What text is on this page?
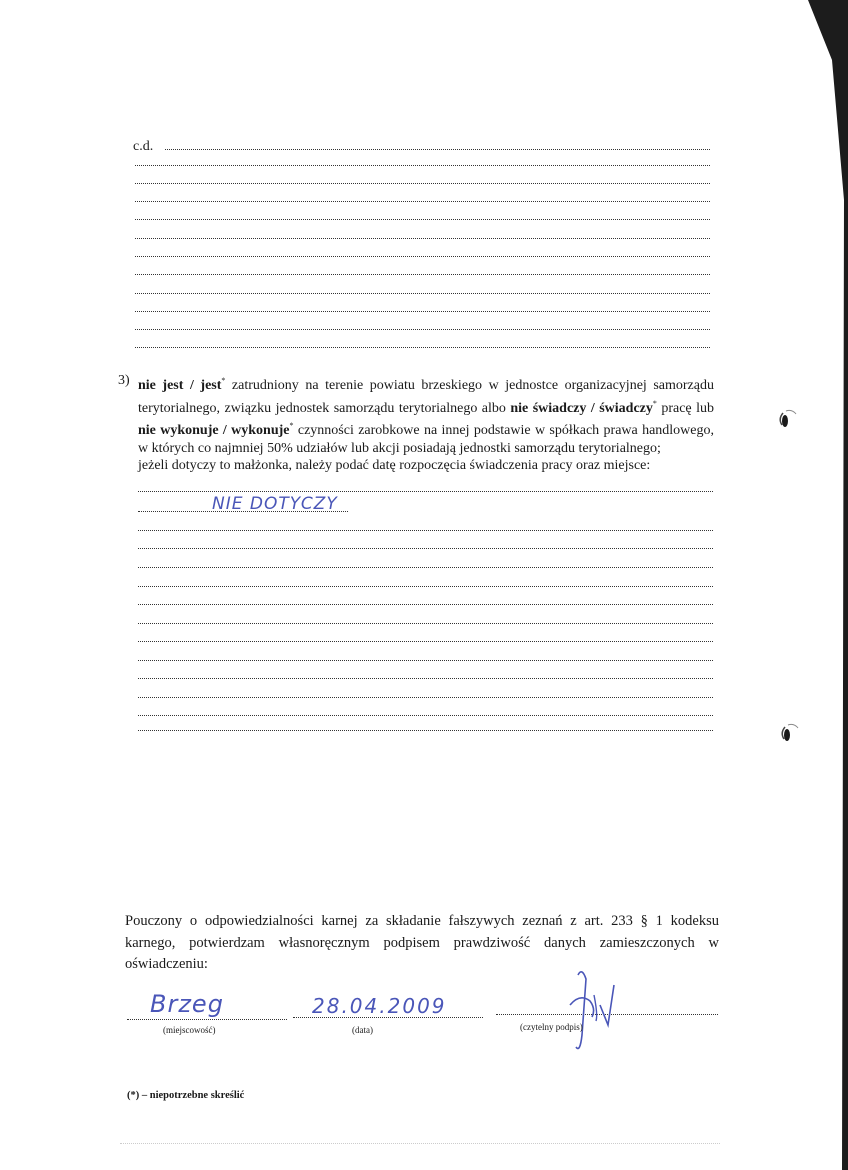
c.d.
3) nie jest / jest* zatrudniony na terenie powiatu brzeskiego w jednostce organizacyjnej samorządu terytorialnego, związku jednostek samorządu terytorialnego albo nie świadczy / świadczy* pracę lub nie wykonuje / wykonuje* czynności zarobkowe na innej podstawie w spółkach prawa handlowego, w których co najmniej 50% udziałów lub akcji posiadają jednostki samorządu terytorialnego;
jeżeli dotyczy to małżonka, należy podać datę rozpoczęcia świadczenia pracy oraz miejsce:
NIE DOTYCZY
Pouczony o odpowiedzialności karnej za składanie fałszywych zeznań z art. 233 § 1 kodeksu karnego, potwierdzam własnoręcznym podpisem prawdziwość danych zamieszczonych w oświadczeniu:
Brzeg	28.04.2009
(miejscowość)	(data)	(czytelny podpis)
(*) – niepotrzebne skreślić
